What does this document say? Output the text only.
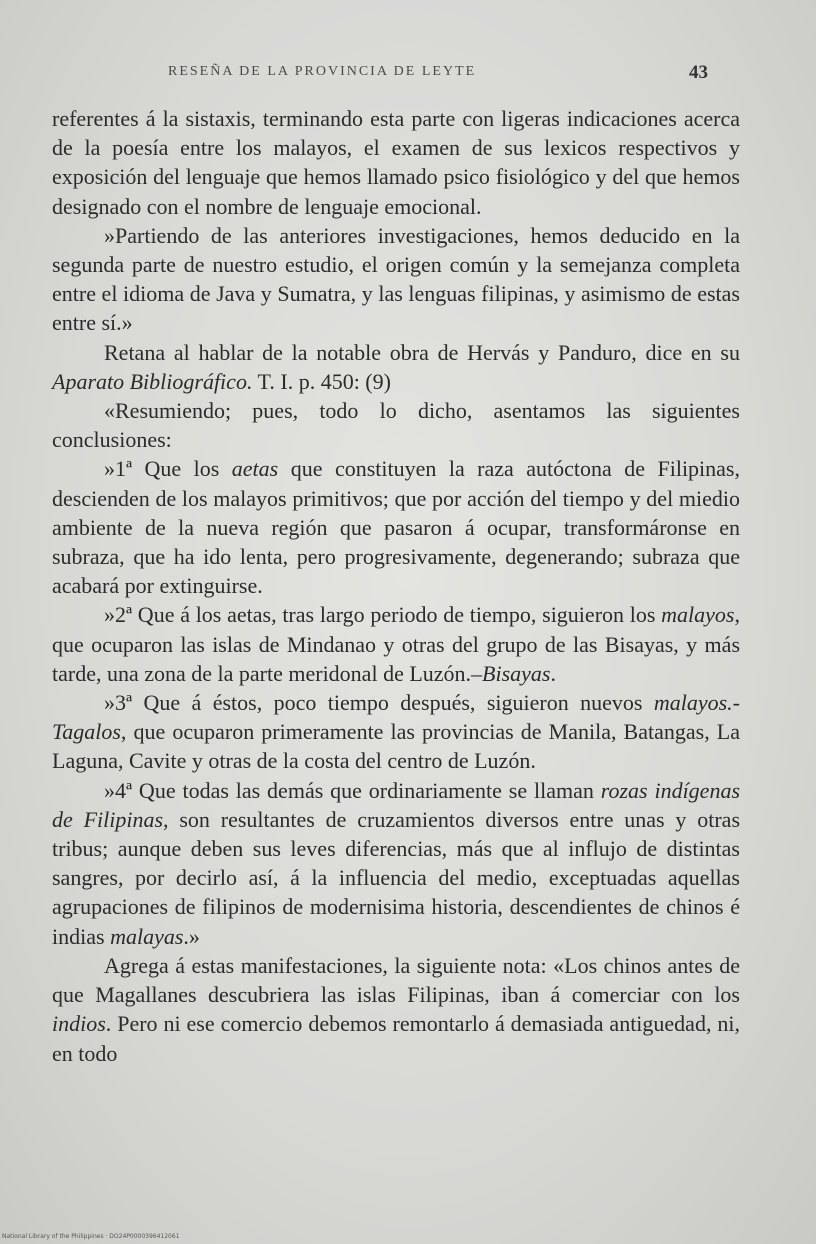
RESEÑA DE LA PROVINCIA DE LEYTE	43

referentes á la sistaxis, terminando esta parte con ligeras indicaciones acerca de la poesía entre los malayos, el examen de sus lexicos respectivos y exposición del lenguaje que hemos llamado psico fisiológico y del que hemos designado con el nombre de lenguaje emocional.

»Partiendo de las anteriores investigaciones, hemos deducido en la segunda parte de nuestro estudio, el origen común y la semejanza completa entre el idioma de Java y Sumatra, y las lenguas filipinas, y asimismo de estas entre sí.»

Retana al hablar de la notable obra de Hervás y Panduro, dice en su Aparato Bibliográfico. T. I. p. 450: (9)

«Resumiendo; pues, todo lo dicho, asentamos las siguientes conclusiones:

»1ª Que los aetas que constituyen la raza autóctona de Filipinas, descienden de los malayos primitivos; que por acción del tiempo y del miedio ambiente de la nueva región que pasaron á ocupar, transformáronse en subraza, que ha ido lenta, pero progresivamente, degenerando; subraza que acabará por extinguirse.

»2ª Que á los aetas, tras largo periodo de tiempo, siguieron los malayos, que ocuparon las islas de Mindanao y otras del grupo de las Bisayas, y más tarde, una zona de la parte meridonal de Luzón.–Bisayas.

»3ª Que á éstos, poco tiempo después, siguieron nuevos malayos.-Tagalos, que ocuparon primeramente las provincias de Manila, Batangas, La Laguna, Cavite y otras de la costa del centro de Luzón.

»4ª Que todas las demás que ordinariamente se llaman rozas indígenas de Filipinas, son resultantes de cruzamientos diversos entre unas y otras tribus; aunque deben sus leves diferencias, más que al influjo de distintas sangres, por decirlo así, á la influencia del medio, exceptuadas aquellas agrupaciones de filipinos de modernisima historia, descendientes de chinos é indias malayas.»

Agrega á estas manifestaciones, la siguiente nota: «Los chinos antes de que Magallanes descubriera las islas Filipinas, iban á comerciar con los indios. Pero ni ese comercio debemos remontarlo á demasiada antiguedad, ni, en todo

National Library of the Philippines · DO24P0000396412061
